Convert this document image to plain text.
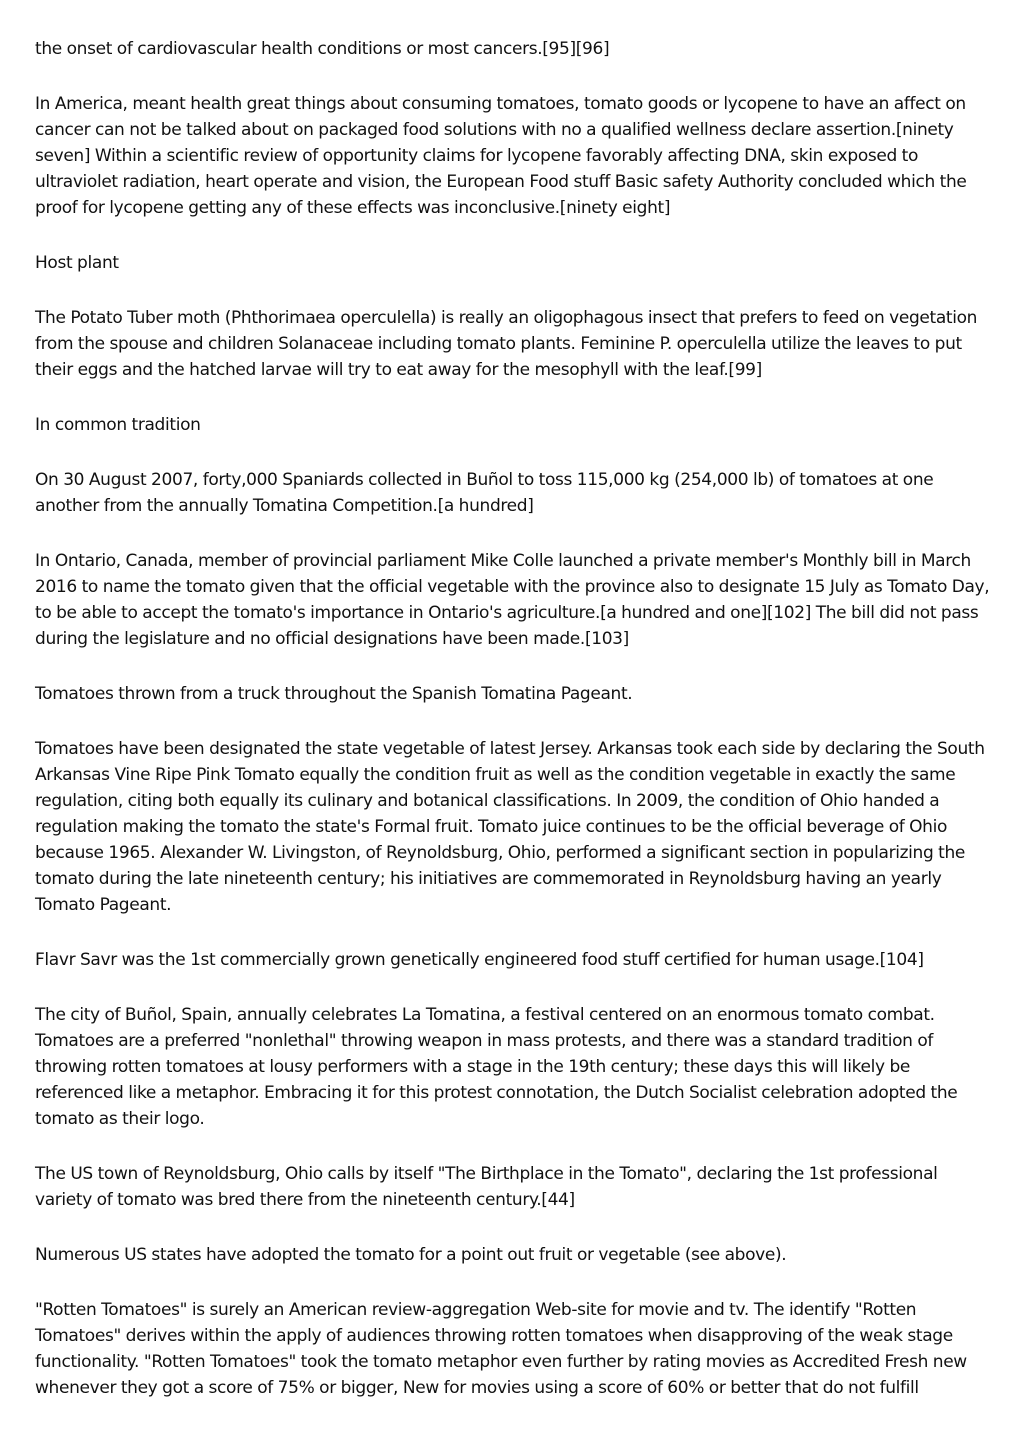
the onset of cardiovascular health conditions or most cancers.[95][96]

In America, meant health great things about consuming tomatoes, tomato goods or lycopene to have an affect on cancer can not be talked about on packaged food solutions with no a qualified wellness declare assertion.[ninety seven] Within a scientific review of opportunity claims for lycopene favorably affecting DNA, skin exposed to ultraviolet radiation, heart operate and vision, the European Food stuff Basic safety Authority concluded which the proof for lycopene getting any of these effects was inconclusive.[ninety eight]

Host plant

The Potato Tuber moth (Phthorimaea operculella) is really an oligophagous insect that prefers to feed on vegetation from the spouse and children Solanaceae including tomato plants. Feminine P. operculella utilize the leaves to put their eggs and the hatched larvae will try to eat away for the mesophyll with the leaf.[99]

In common tradition

On 30 August 2007, forty,000 Spaniards collected in Buñol to toss 115,000 kg (254,000 lb) of tomatoes at one another from the annually Tomatina Competition.[a hundred]

In Ontario, Canada, member of provincial parliament Mike Colle launched a private member's Monthly bill in March 2016 to name the tomato given that the official vegetable with the province also to designate 15 July as Tomato Day, to be able to accept the tomato's importance in Ontario's agriculture.[a hundred and one][102] The bill did not pass during the legislature and no official designations have been made.[103]

Tomatoes thrown from a truck throughout the Spanish Tomatina Pageant.

Tomatoes have been designated the state vegetable of latest Jersey. Arkansas took each side by declaring the South Arkansas Vine Ripe Pink Tomato equally the condition fruit as well as the condition vegetable in exactly the same regulation, citing both equally its culinary and botanical classifications. In 2009, the condition of Ohio handed a regulation making the tomato the state's Formal fruit. Tomato juice continues to be the official beverage of Ohio because 1965. Alexander W. Livingston, of Reynoldsburg, Ohio, performed a significant section in popularizing the tomato during the late nineteenth century; his initiatives are commemorated in Reynoldsburg having an yearly Tomato Pageant.

Flavr Savr was the 1st commercially grown genetically engineered food stuff certified for human usage.[104]

The city of Buñol, Spain, annually celebrates La Tomatina, a festival centered on an enormous tomato combat. Tomatoes are a preferred "nonlethal" throwing weapon in mass protests, and there was a standard tradition of throwing rotten tomatoes at lousy performers with a stage in the 19th century; these days this will likely be referenced like a metaphor. Embracing it for this protest connotation, the Dutch Socialist celebration adopted the tomato as their logo.

The US town of Reynoldsburg, Ohio calls by itself "The Birthplace in the Tomato", declaring the 1st professional variety of tomato was bred there from the nineteenth century.[44]

Numerous US states have adopted the tomato for a point out fruit or vegetable (see above).

"Rotten Tomatoes" is surely an American review-aggregation Web-site for movie and tv. The identify "Rotten Tomatoes" derives within the apply of audiences throwing rotten tomatoes when disapproving of the weak stage functionality. "Rotten Tomatoes" took the tomato metaphor even further by rating movies as Accredited Fresh new whenever they got a score of 75% or bigger, New for movies using a score of 60% or better that do not fulfill
